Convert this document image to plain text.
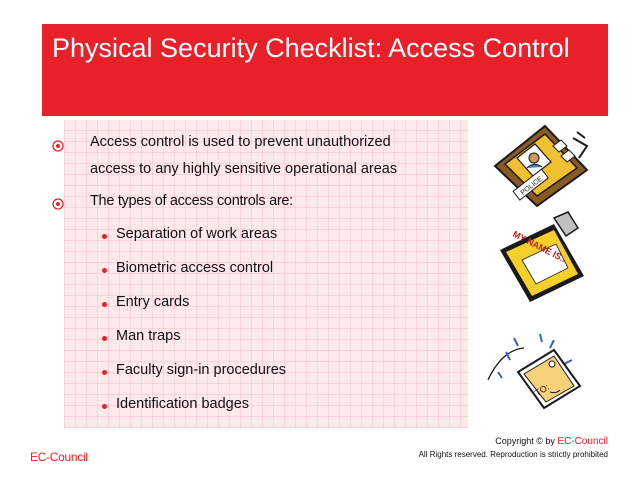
Physical Security Checklist: Access Control
Access control is used to prevent unauthorized
access to any highly sensitive operational areas
The types of access controls are:
Separation of work areas
Biometric access control
Entry cards
Man traps
Faculty sign-in procedures
Identification badges
POLICE
MY NAME IS...
TO:
EC-Council
Copyright © by EC-Council
All Rights reserved. Reproduction is strictly prohibited
